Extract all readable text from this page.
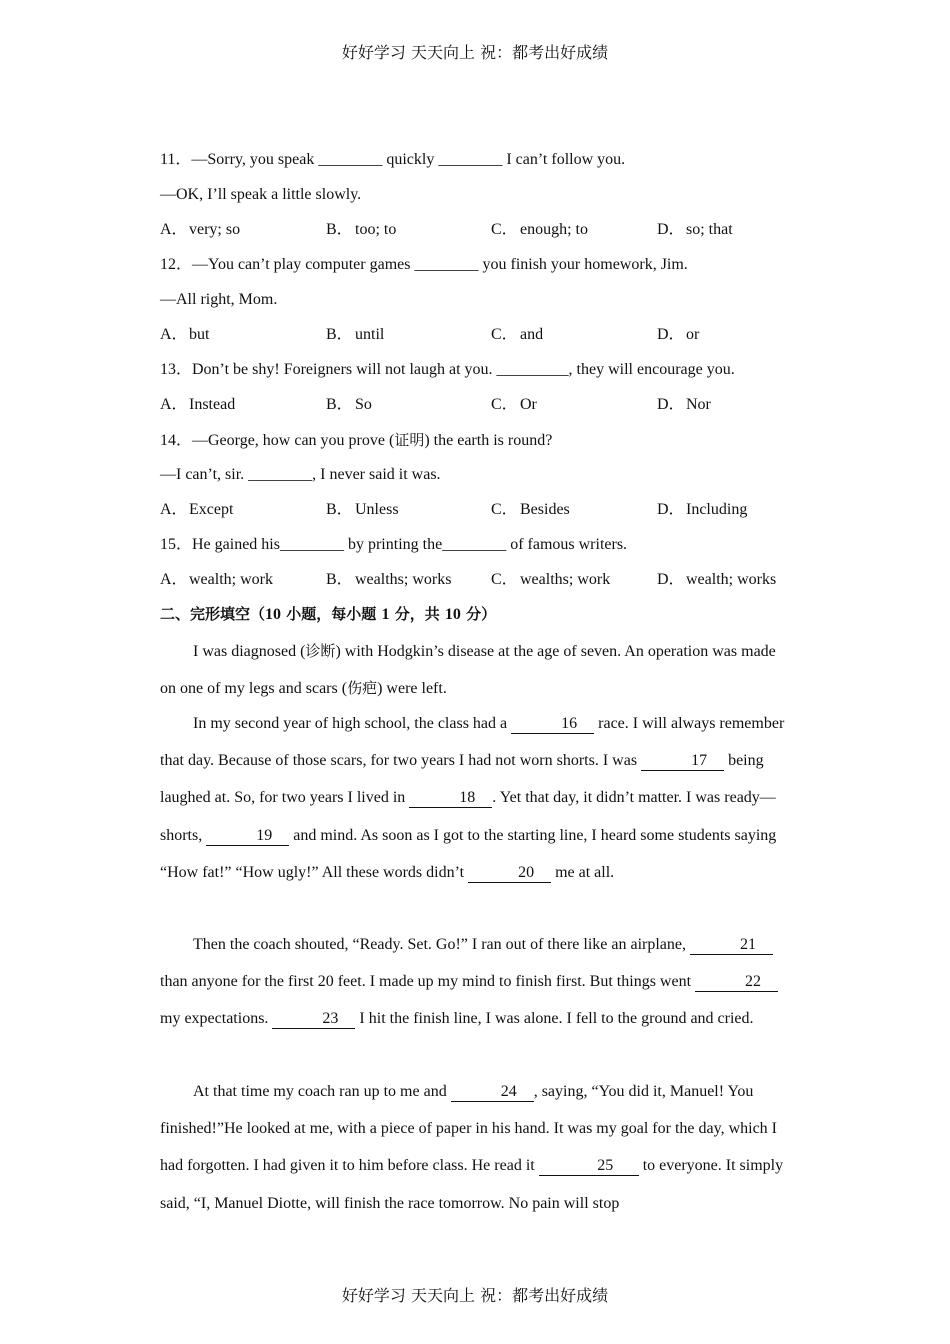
好好学习 天天向上 祝：都考出好成绩
11．—Sorry, you speak ________ quickly ________ I can’t follow you.
—OK, I’ll speak a little slowly.
A．very; so	B． too; to	C． enough; to	D．so; that
12．—You can’t play computer games ________ you finish your homework, Jim.
—All right, Mom.
A．but	B． until	C． and	D．or
13．Don’t be shy! Foreigners will not laugh at you. _________, they will encourage you.
A．Instead	B． So	C． Or	D．Nor
14．—George, how can you prove (证明) the earth is round?
—I can’t, sir. ________, I never said it was.
A．Except	B． Unless	C． Besides	D．Including
15．He gained his________ by printing the________ of famous writers.
A．wealth; work	B． wealths; works C． wealths; work	D．wealth; works
二、完形填空（10 小题，每小题 1 分，共 10 分）
I was diagnosed (诊断) with Hodgkin’s disease at the age of seven. An operation was made on one of my legs and scars (伤疤) were left.
In my second year of high school, the class had a	16 race. I will always remember that day. Because of those scars, for two years I had not worn shorts. I was	17 being laughed at. So, for two years I lived in	18 . Yet that day, it didn’t matter. I was ready—shorts,	19 and mind. As soon as I got to the starting line, I heard some students saying “How fat!” “How ugly!” All these words didn’t	20 me at all.
Then the coach shouted, “Ready. Set. Go!” I ran out of there like an airplane,	21 than anyone for the first 20 feet. I made up my mind to finish first. But things went	22 my expectations.	23 I hit the finish line, I was alone. I fell to the ground and cried.
At that time my coach ran up to me and	24 , saying, “You did it, Manuel! You finished!”He looked at me, with a piece of paper in his hand. It was my goal for the day, which I had forgotten. I had given it to him before class. He read it	25 to everyone. It simply said, “I, Manuel Diotte, will finish the race tomorrow. No pain will stop
好好学习 天天向上 祝：都考出好成绩
